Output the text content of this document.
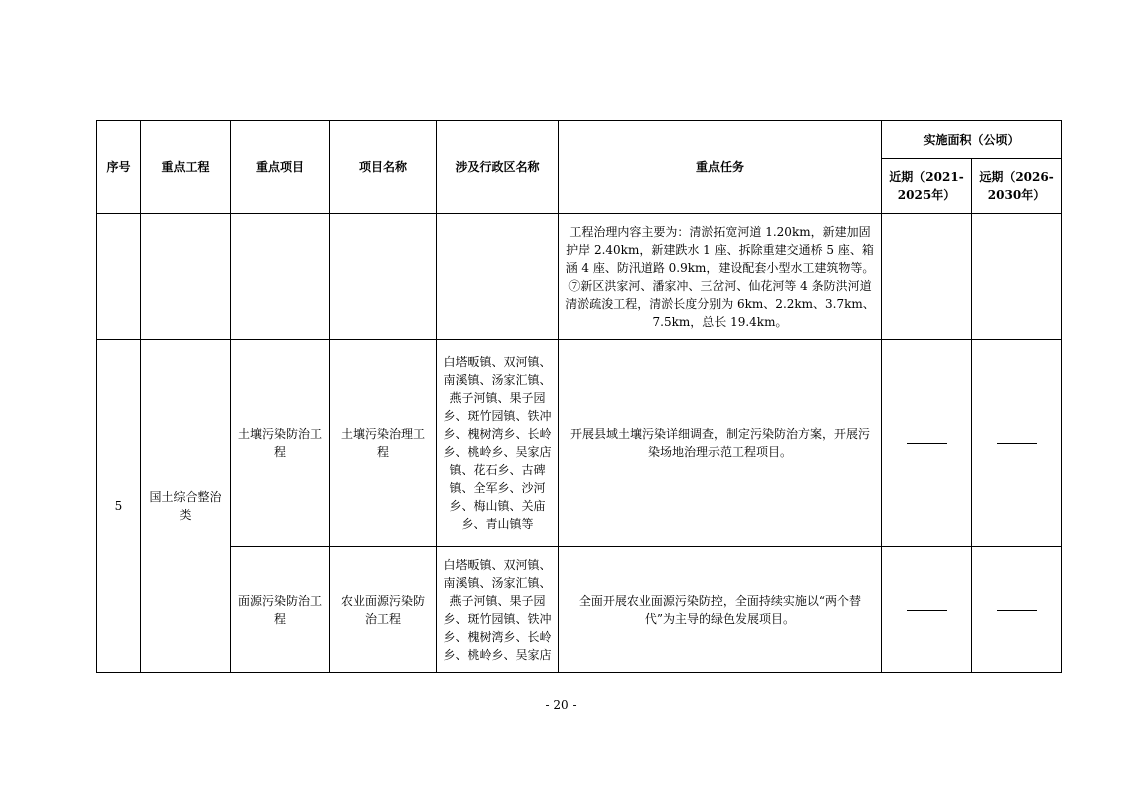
序号	重点工程	重点项目	项目名称	涉及行政区名称	重点任务	实施面积（公顷）	
						近期（2021-2025年）	远期（2026-2030年）
					工程治理内容主要为：清淤拓宽河道 1.20km，新建加固护岸 2.40km，新建跌水 1 座、拆除重建交通桥 5 座、箱涵 4 座、防汛道路 0.9km，建设配套小型水工建筑物等。⑦新区洪家河、潘家冲、三岔河、仙花河等 4 条防洪河道清淤疏浚工程，清淤长度分别为 6km、2.2km、3.7km、7.5km，总长 19.4km。		
5	国土综合整治类	土壤污染防治工程	土壤污染治理工程	白塔畈镇、双河镇、南溪镇、汤家汇镇、燕子河镇、果子园乡、斑竹园镇、铁冲乡、槐树湾乡、长岭乡、桃岭乡、吴家店镇、花石乡、古碑镇、全军乡、沙河乡、梅山镇、关庙乡、青山镇等	开展县域土壤污染详细调查，制定污染防治方案，开展污染场地治理示范工程项目。		
		面源污染防治工程	农业面源污染防治工程	白塔畈镇、双河镇、南溪镇、汤家汇镇、燕子河镇、果子园乡、斑竹园镇、铁冲乡、槐树湾乡、长岭乡、桃岭乡、吴家店	全面开展农业面源污染防控，全面持续实施以“两个替代”为主导的绿色发展项目。		
- 20 -
